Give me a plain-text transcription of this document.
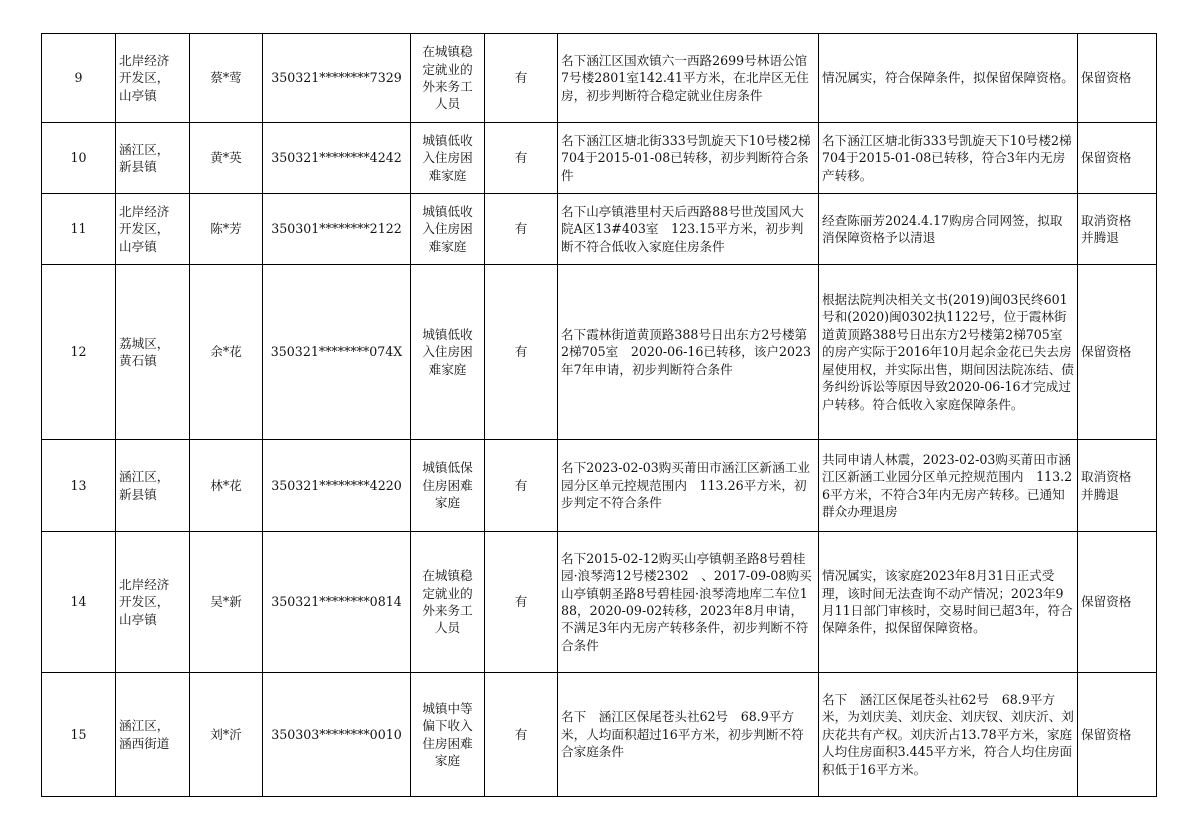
9	北岸经济
开发区，
山亭镇	蔡*莺	350321********7329	在城镇稳
定就业的
外来务工
人员	有	名下涵江区国欢镇六一西路2699号林语公馆7号楼2801室142.41平方米，在北岸区无住房，初步判断符合稳定就业住房条件	情况属实，符合保障条件，拟保留保障资格。	保留资格
10	涵江区，
新县镇	黄*英	350321********4242	城镇低收
入住房困
难家庭	有	名下涵江区塘北街333号凯旋天下10号楼2梯704于2015-01-08已转移，初步判断符合条件	名下涵江区塘北街333号凯旋天下10号楼2梯704于2015-01-08已转移，符合3年内无房产转移。	保留资格
11	北岸经济
开发区，
山亭镇	陈*芳	350301********2122	城镇低收
入住房困
难家庭	有	名下山亭镇港里村天后西路88号世茂国风大院A区13#403室　123.15平方米，初步判断不符合低收入家庭住房条件	经查陈丽芳2024.4.17购房合同网签，拟取消保障资格予以清退	取消资格
并腾退
12	荔城区，
黄石镇	余*花	350321********074X	城镇低收
入住房困
难家庭	有	名下霞林街道黄顶路388号日出东方2号楼第2梯705室　2020-06-16已转移，该户2023年7年申请，初步判断符合条件	根据法院判决相关文书(2019)闽03民终601号和(2020)闽0302执1122号，位于霞林街道黄顶路388号日出东方2号楼第2梯705室的房产实际于2016年10月起余金花已失去房屋使用权，并实际出售，期间因法院冻结、债务纠纷诉讼等原因导致2020-06-16才完成过户转移。符合低收入家庭保障条件。	保留资格
13	涵江区，
新县镇	林*花	350321********4220	城镇低保
住房困难
家庭	有	名下2023-02-03购买莆田市涵江区新涵工业园分区单元控规范围内　113.26平方米，初步判定不符合条件	共同申请人林震，2023-02-03购买莆田市涵江区新涵工业园分区单元控规范围内　113.26平方米，不符合3年内无房产转移。已通知群众办理退房	取消资格
并腾退
14	北岸经济
开发区，
山亭镇	吴*新	350321********0814	在城镇稳
定就业的
外来务工
人员	有	名下2015-02-12购买山亭镇朝圣路8号碧桂园·浪琴湾12号楼2302　、2017-09-08购买山亭镇朝圣路8号碧桂园·浪琴湾地库二车位188，2020-09-02转移，2023年8月申请，不满足3年内无房产转移条件，初步判断不符合条件	情况属实，该家庭2023年8月31日正式受理，该时间无法查询不动产情况；2023年9月11日部门审核时，交易时间已超3年，符合保障条件，拟保留保障资格。	保留资格
15	涵江区，
涵西街道	刘*沂	350303********0010	城镇中等
偏下收入
住房困难
家庭	有	名下　涵江区保尾苍头社62号　68.9平方米，人均面积超过16平方米，初步判断不符合家庭条件	名下　涵江区保尾苍头社62号　68.9平方米，为刘庆美、刘庆金、刘庆钗、刘庆沂、刘庆花共有产权。刘庆沂占13.78平方米，家庭人均住房面积3.445平方米，符合人均住房面积低于16平方米。	保留资格
